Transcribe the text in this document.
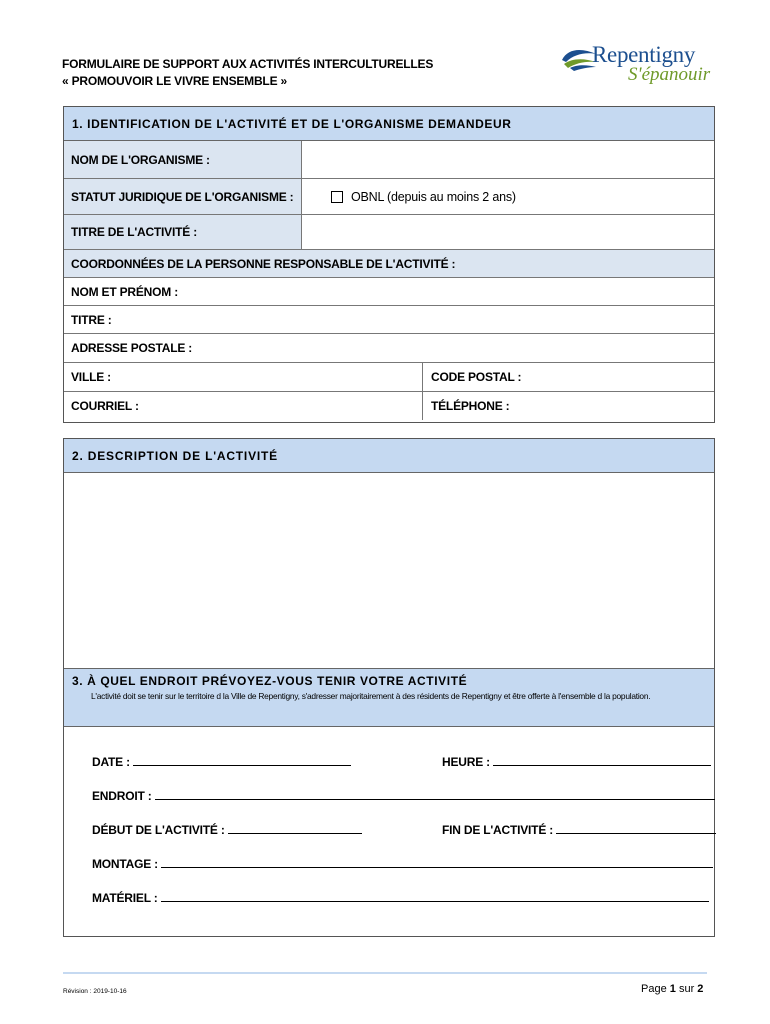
FORMULAIRE DE SUPPORT AUX ACTIVITÉS INTERCULTURELLES
« PROMOUVOIR LE VIVRE ENSEMBLE »
Repentigny
S'épanouir
1. IDENTIFICATION DE L'ACTIVITÉ ET DE L'ORGANISME DEMANDEUR
NOM DE L'ORGANISME :
STATUT JURIDIQUE DE L'ORGANISME :	OBNL (depuis au moins 2 ans)
TITRE DE L'ACTIVITÉ :
COORDONNÉES DE LA PERSONNE RESPONSABLE DE L'ACTIVITÉ :
NOM ET PRÉNOM :
TITRE :
ADRESSE POSTALE :
VILLE :	CODE POSTAL :
COURRIEL :	TÉLÉPHONE :
2. DESCRIPTION DE L'ACTIVITÉ
3. À QUEL ENDROIT PRÉVOYEZ-VOUS TENIR VOTRE ACTIVITÉ
L'activité doit se tenir sur le territoire d la Ville de Repentigny, s'adresser majoritairement à des résidents de Repentigny et être offerte à l'ensemble d la population.
DATE :	HEURE :
ENDROIT :
DÉBUT DE L'ACTIVITÉ :	FIN DE L'ACTIVITÉ :
MONTAGE :
MATÉRIEL :
Révision : 2019-10-16	Page 1 sur 2
